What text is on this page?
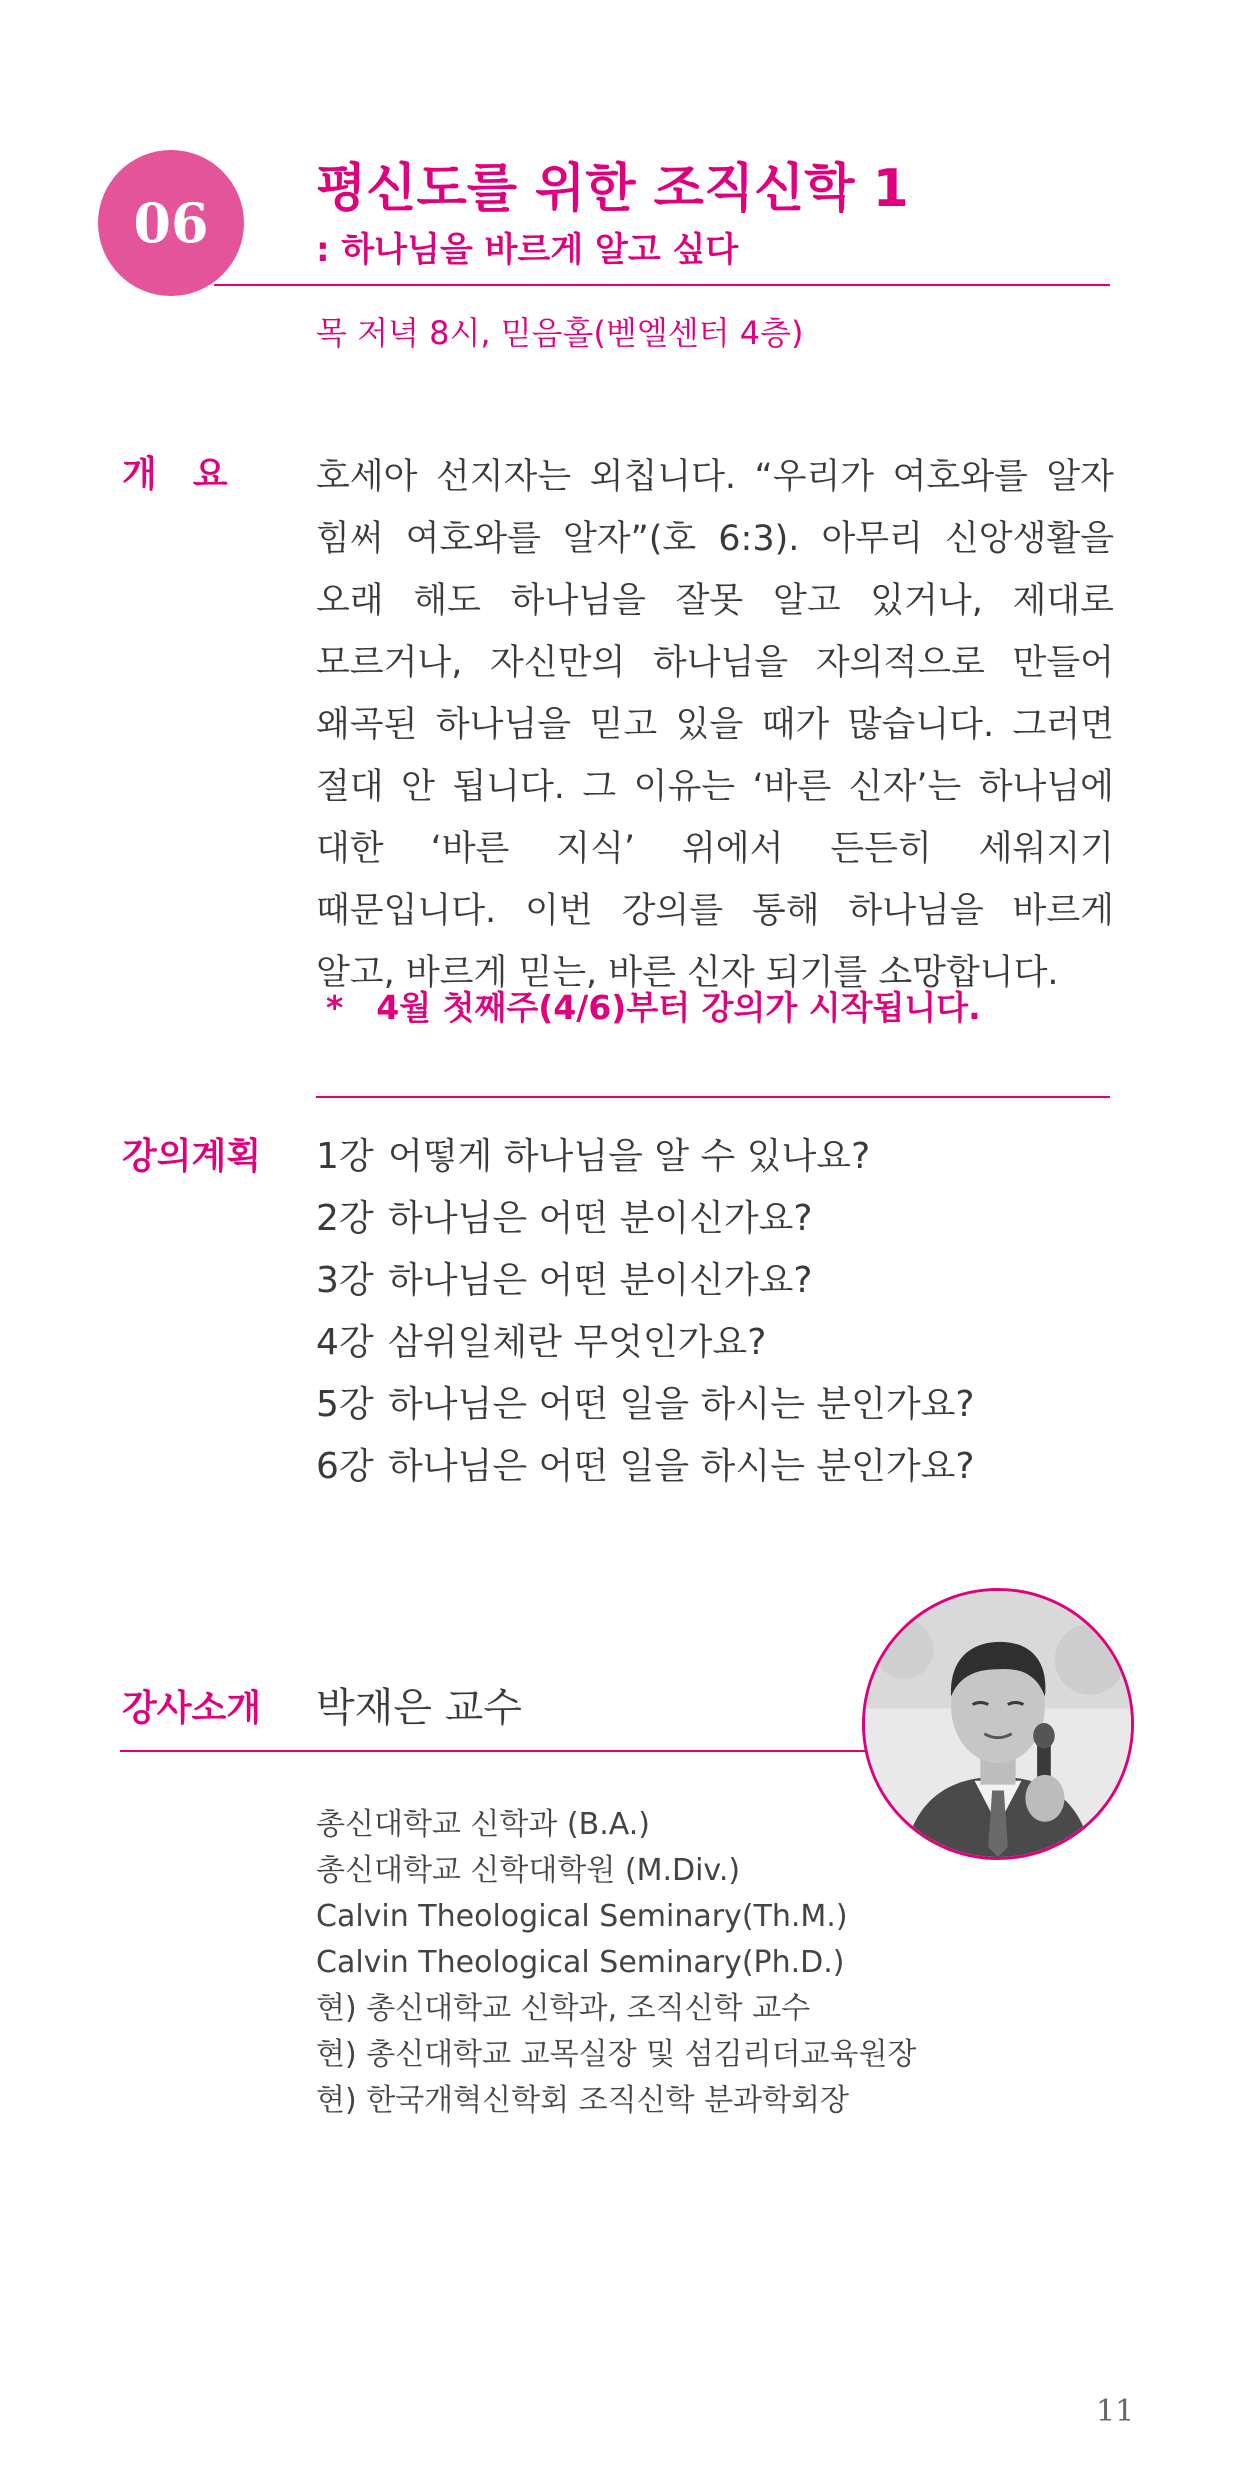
06
평신도를 위한 조직신학 1
: 하나님을 바르게 알고 싶다
목 저녁 8시, 믿음홀(벧엘센터 4층)
개　요	호세아 선지자는 외칩니다. “우리가 여호와를 알자 힘써 여호와를 알자”(호 6:3). 아무리 신앙생활을 오래 해도 하나님을 잘못 알고 있거나, 제대로 모르거나, 자신만의 하나님을 자의적으로 만들어 왜곡된 하나님을 믿고 있을 때가 많습니다. 그러면 절대 안 됩니다. 그 이유는 ‘바른 신자’는 하나님에 대한 ‘바른 지식’ 위에서 든든히 세워지기 때문입니다. 이번 강의를 통해 하나님을 바르게 알고, 바르게 믿는, 바른 신자 되기를 소망합니다.
*　4월 첫째주(4/6)부터 강의가 시작됩니다.
강의계획 1강 어떻게 하나님을 알 수 있나요?
2강 하나님은 어떤 분이신가요?
3강 하나님은 어떤 분이신가요?
4강 삼위일체란 무엇인가요?
5강 하나님은 어떤 일을 하시는 분인가요?
6강 하나님은 어떤 일을 하시는 분인가요?
강사소개 박재은 교수
총신대학교 신학과 (B.A.)
총신대학교 신학대학원 (M.Div.)
Calvin Theological Seminary(Th.M.)
Calvin Theological Seminary(Ph.D.)
현) 총신대학교 신학과, 조직신학 교수
현) 총신대학교 교목실장 및 섬김리더교육원장
현) 한국개혁신학회 조직신학 분과학회장
11
